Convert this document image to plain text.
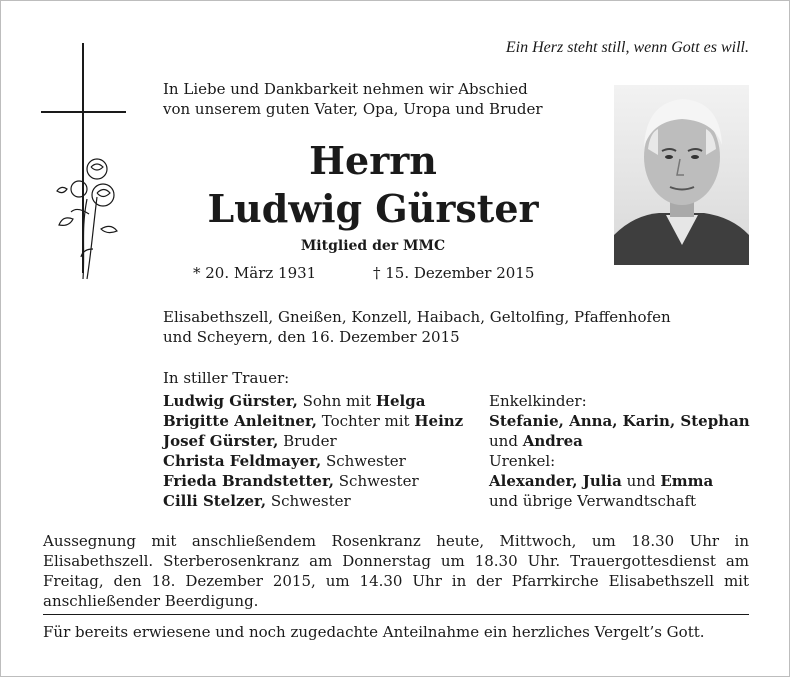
Ein Herz steht still, wenn Gott es will.
In Liebe und Dankbarkeit nehmen wir Abschied
von unserem guten Vater, Opa, Uropa und Bruder
Herrn
Ludwig Gürster
Mitglied der MMC
* 20. März 1931	† 15. Dezember 2015
Elisabethszell, Gneißen, Konzell, Haibach, Geltolfing, Pfaffenhofen
und Scheyern, den 16. Dezember 2015
In stiller Trauer:
Ludwig Gürster, Sohn mit Helga
Brigitte Anleitner, Tochter mit Heinz
Josef Gürster, Bruder
Christa Feldmayer, Schwester
Frieda Brandstetter, Schwester
Cilli Stelzer, Schwester
Enkelkinder:
Stefanie, Anna, Karin, Stephan
und Andrea
Urenkel:
Alexander, Julia und Emma
und übrige Verwandtschaft
Aussegnung mit anschließendem Rosenkranz heute, Mittwoch, um 18.30 Uhr in Elisabethszell. Sterberosenkranz am Donnerstag um 18.30 Uhr. Trauergottesdienst am Freitag, den 18. Dezember 2015, um 14.30 Uhr in der Pfarrkirche Elisabethszell mit anschließender Beerdigung.
Für bereits erwiesene und noch zugedachte Anteilnahme ein herzliches Vergelt’s Gott.
